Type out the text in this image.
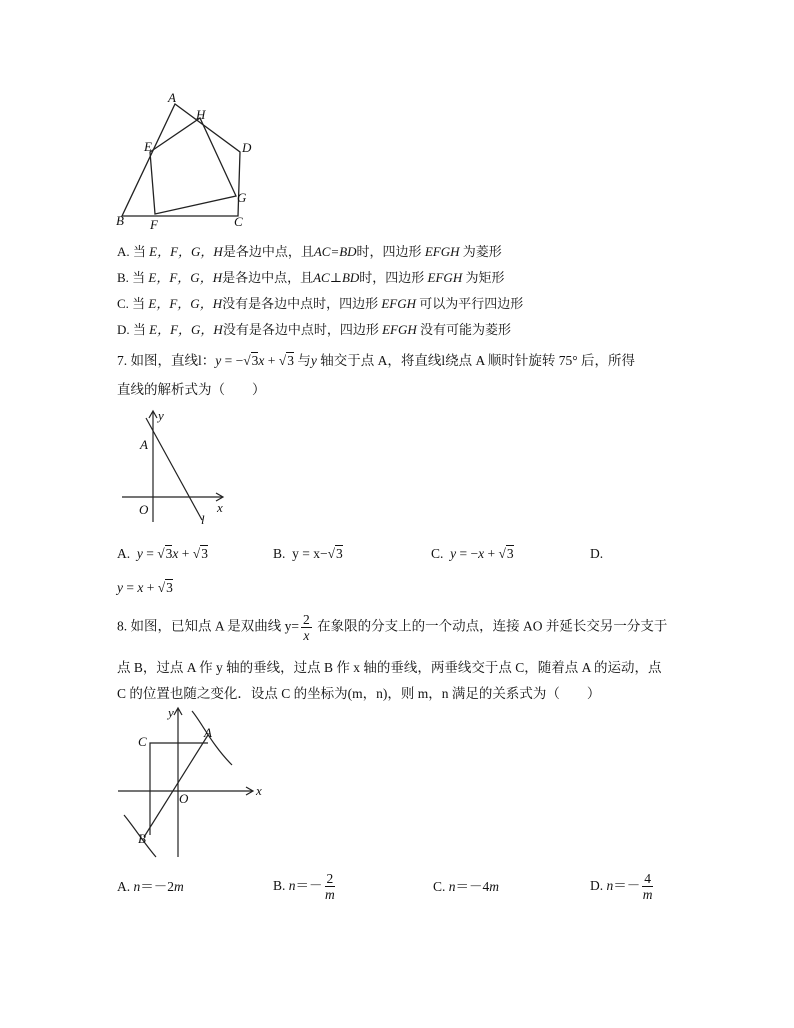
A
H
E	D
G
B F	C
A. 当 E，F，G，H是各边中点，且AC=BD时，四边形 EFGH 为菱形
B. 当 E，F，G，H是各边中点，且AC⊥BD时，四边形 EFGH 为矩形
C. 当 E，F，G，H没有是各边中点时，四边形 EFGH 可以为平行四边形
D. 当 E，F，G，H没有是各边中点时，四边形 EFGH 没有可能为菱形
7. 如图，直线l：y = −√3x + √3 与y 轴交于点 A，将直线l绕点 A 顺时针旋转 75° 后，所得
直线的解析式为（　　）
y
A
O	x
l
A. y = √3x + √3	B. y = x−√3	C. y = −x + √3	D.
y = x + √3
8. 如图，已知点 A 是双曲线 $y= \frac{2}{x}$ 在象限的分支上的一个动点，连接 AO 并延长交另一分支于
点 B，过点 A 作 y 轴的垂线，过点 B 作 x 轴的垂线，两垂线交于点 C，随着点 A 的运动，点
C 的位置也随之变化．设点 C 的坐标为(m，n)，则 m，n 满足的关系式为（　　）
y
C
A
O
x
B
A. n＝－2m	B. $n=- \frac{2}{m}$	C. n＝－4m	D. $n=- \frac{4}{m}$
